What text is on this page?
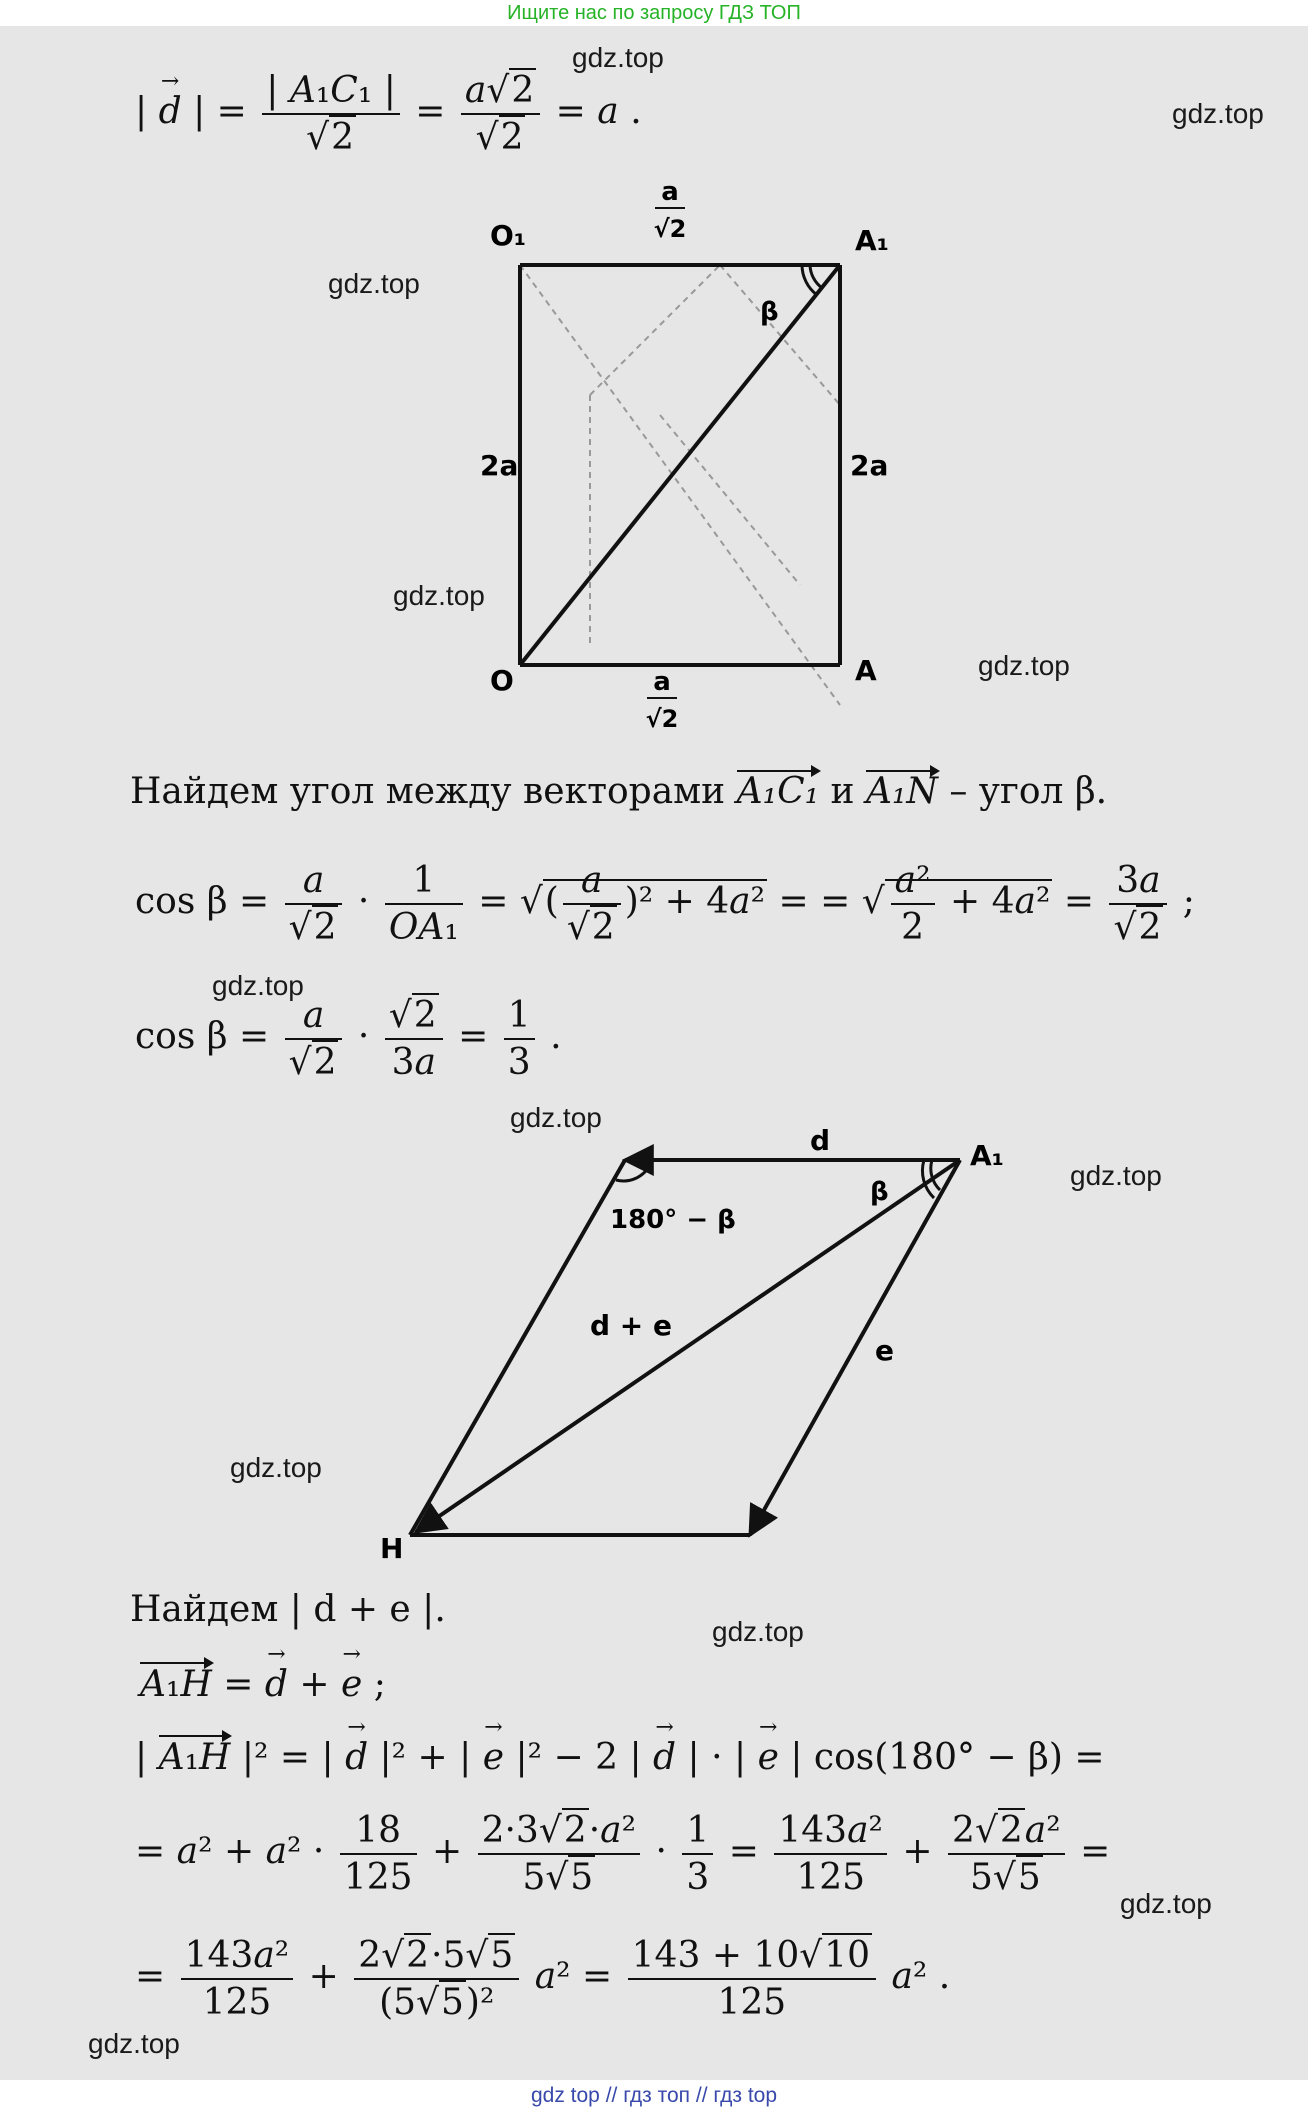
Ищите нас по запросу ГДЗ ТОП
gdz.top
gdz.top
gdz.top
gdz.top
gdz.top
gdz.top
gdz.top
gdz.top
gdz.top
gdz.top
gdz.top
gdz.top
| → d | = $\frac{\text{| A₁C₁ |}}{√2} = \frac{a√2}{√2} = a$ .
O₁	A₁
O	A
β
a
√2
a
√2
2a	2a
Найдем угол между векторами A₁C₁ и A₁N – угол β.
$\cos \beta = \frac{a}{√2} \cdot \frac{1}{\text{OA₁}}$ = √( $\frac{a}{√2} )^2 + 4a^2$ = = √ $\frac{\text{a²}}{2} + 4a^2 = \frac{3a}{√2}$ ;
$\cos \beta = \frac{a}{√2} \cdot \frac{√2}{3a} = \frac{1}{3}$ .
A₁
H
d
e
d + e
β
180° − β
Найдем | d + e |.
A₁H = → d + → e ;
| A₁H |² = | → d |² + | → e |² − 2 | → d | · | → e | cos(180° − β) =
= $a^2 + a^2 \cdot \frac{18}{125} + \frac{\text{2·3√2·a²}}{5√5} \cdot \frac{1}{3} = \frac{\text{143a²}}{125} + \frac{\text{2√2a²}}{5√5}$ =
= $\frac{\text{143a²}}{125} + \frac{2√2\cdot 5√5}{\text{(5√5)²}} a^2 = \frac{143 + 10√10}{125} a^2$ .
gdz top // гдз топ // гдз top
